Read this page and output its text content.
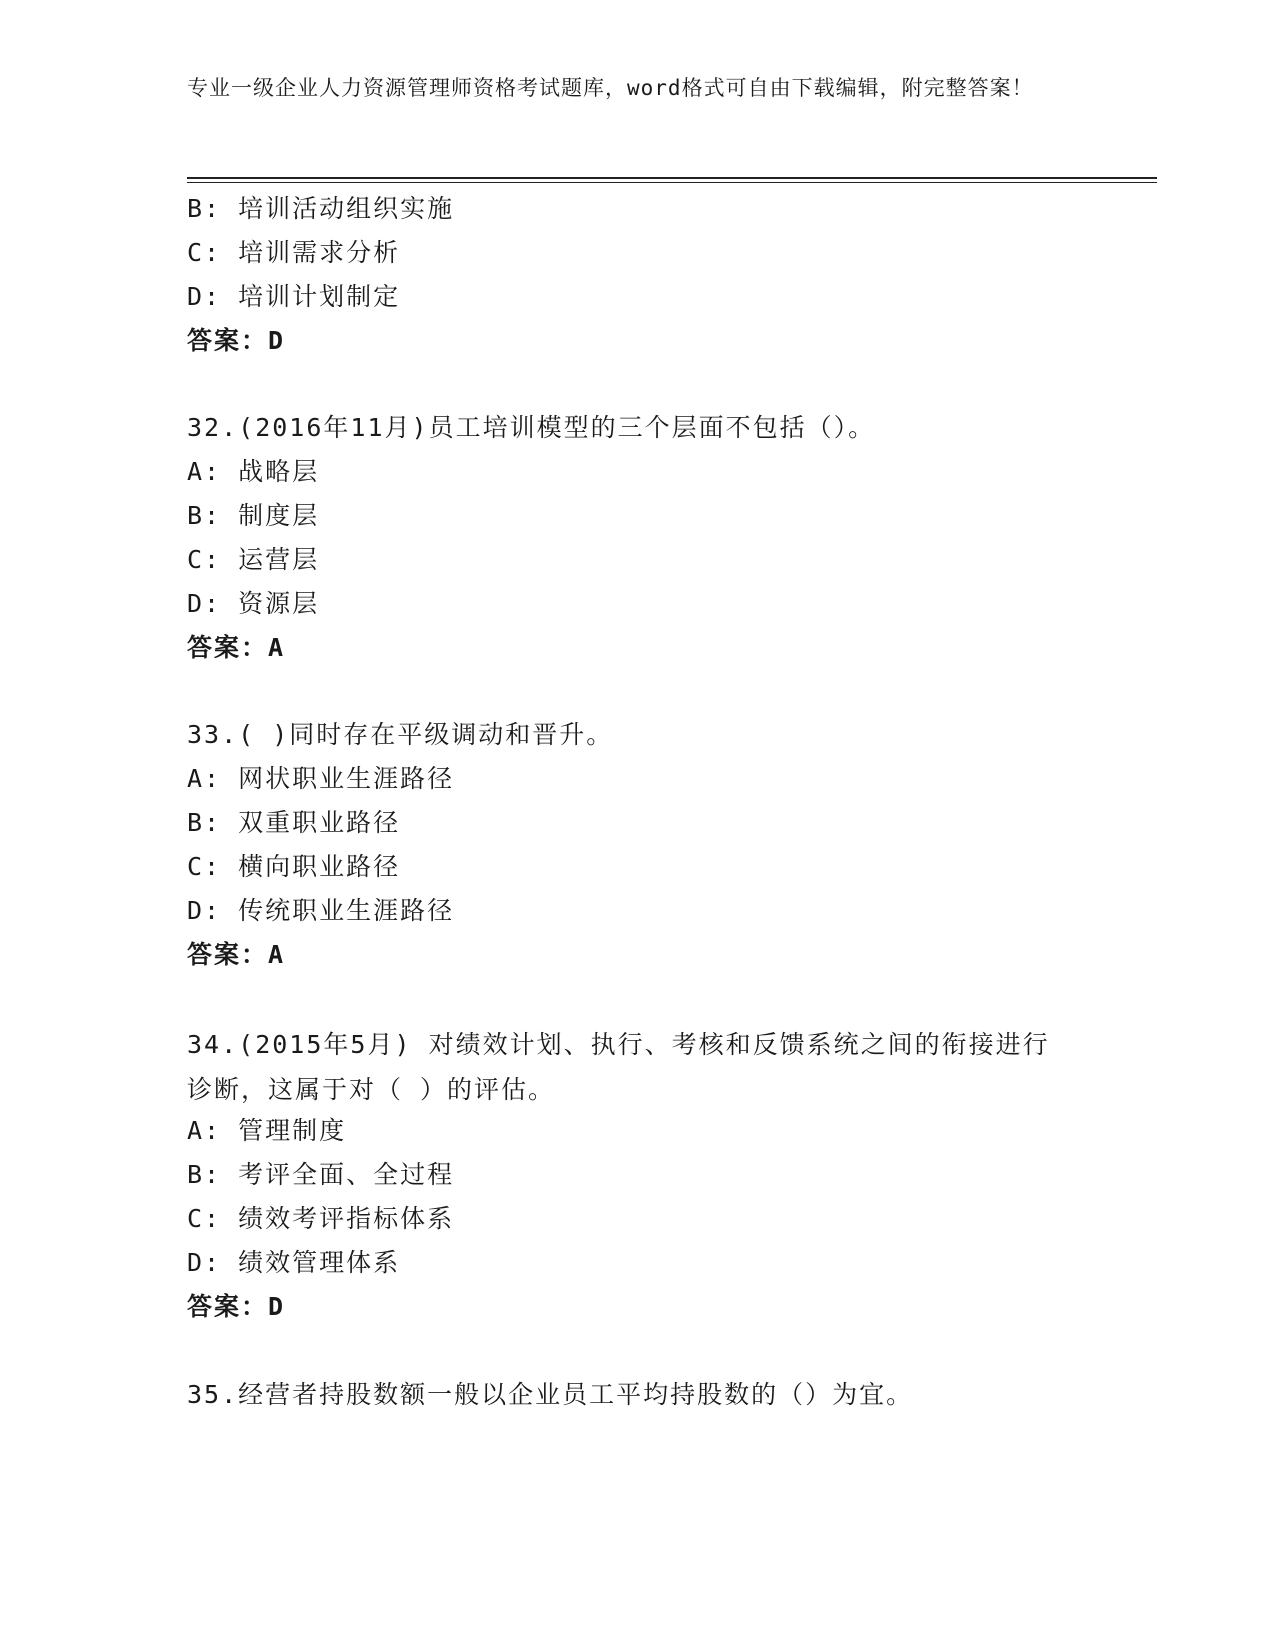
专业一级企业人力资源管理师资格考试题库，word格式可自由下载编辑，附完整答案！
B: 培训活动组织实施
C: 培训需求分析
D: 培训计划制定
答案：D
32.(2016年11月)员工培训模型的三个层面不包括（）。
A: 战略层
B: 制度层
C: 运营层
D: 资源层
答案：A
33.( )同时存在平级调动和晋升。
A: 网状职业生涯路径
B: 双重职业路径
C: 横向职业路径
D: 传统职业生涯路径
答案：A
34.(2015年5月) 对绩效计划、执行、考核和反馈系统之间的衔接进行诊断，这属于对（ ）的评估。
A: 管理制度
B: 考评全面、全过程
C: 绩效考评指标体系
D: 绩效管理体系
答案：D
35.经营者持股数额一般以企业员工平均持股数的（）为宜。
